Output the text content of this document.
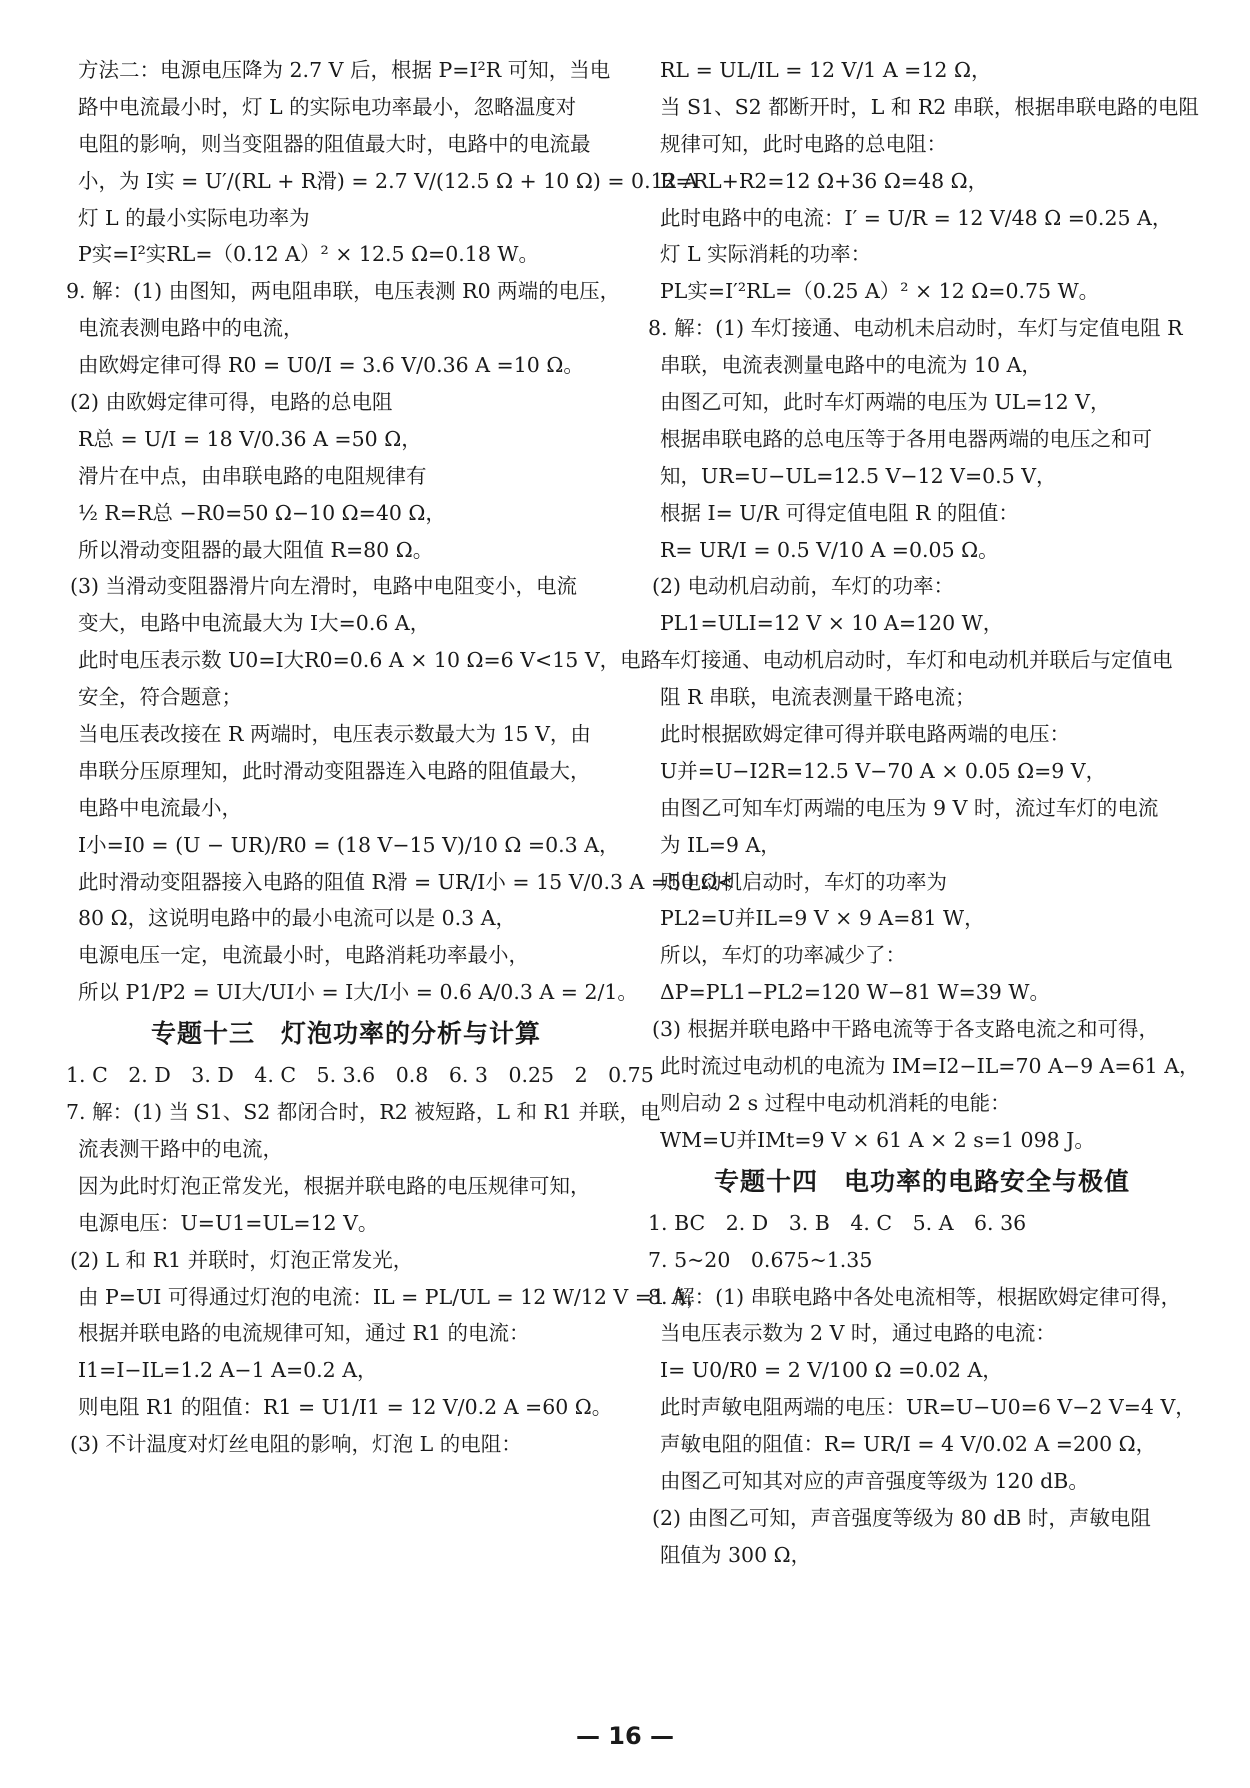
方法二：电源电压降为 2.7 V 后，根据 P=I²R 可知，当电
路中电流最小时，灯 L 的实际电功率最小，忽略温度对
电阻的影响，则当变阻器的阻值最大时，电路中的电流最
小，为 I实 = U′/(RL + R滑) = 2.7 V/(12.5 Ω + 10 Ω) = 0.12 A
灯 L 的最小实际电功率为
P实=I²实RL=（0.12 A）² × 12.5 Ω=0.18 W。
9. 解：(1) 由图知，两电阻串联，电压表测 R0 两端的电压，
电流表测电路中的电流，
由欧姆定律可得 R0 = U0/I = 3.6 V/0.36 A =10 Ω。
(2) 由欧姆定律可得，电路的总电阻
R总 = U/I = 18 V/0.36 A =50 Ω，
滑片在中点，由串联电路的电阻规律有
½ R=R总 −R0=50 Ω−10 Ω=40 Ω，
所以滑动变阻器的最大阻值 R=80 Ω。
(3) 当滑动变阻器滑片向左滑时，电路中电阻变小，电流
变大，电路中电流最大为 I大=0.6 A，
此时电压表示数 U0=I大R0=0.6 A × 10 Ω=6 V<15 V，电路
安全，符合题意；
当电压表改接在 R 两端时，电压表示数最大为 15 V，由
串联分压原理知，此时滑动变阻器连入电路的阻值最大，
电路中电流最小，
I小=I0 = (U − UR)/R0 = (18 V−15 V)/10 Ω =0.3 A，
此时滑动变阻器接入电路的阻值 R滑 = UR/I小 = 15 V/0.3 A =50 Ω<
80 Ω，这说明电路中的最小电流可以是 0.3 A，
电源电压一定，电流最小时，电路消耗功率最小，
所以 P1/P2 = UI大/UI小 = I大/I小 = 0.6 A/0.3 A = 2/1。
专题十三　灯泡功率的分析与计算
1. C　2. D　3. D　4. C　5. 3.6　0.8　6. 3　0.25　2　0.75
7. 解：(1) 当 S1、S2 都闭合时，R2 被短路，L 和 R1 并联，电
流表测干路中的电流，
因为此时灯泡正常发光，根据并联电路的电压规律可知，
电源电压：U=U1=UL=12 V。
(2) L 和 R1 并联时，灯泡正常发光，
由 P=UI 可得通过灯泡的电流：IL = PL/UL = 12 W/12 V =1 A，
根据并联电路的电流规律可知，通过 R1 的电流：
I1=I−IL=1.2 A−1 A=0.2 A，
则电阻 R1 的阻值：R1 = U1/I1 = 12 V/0.2 A =60 Ω。
(3) 不计温度对灯丝电阻的影响，灯泡 L 的电阻：
RL = UL/IL = 12 V/1 A =12 Ω，
当 S1、S2 都断开时，L 和 R2 串联，根据串联电路的电阻
规律可知，此时电路的总电阻：
R=RL+R2=12 Ω+36 Ω=48 Ω，
此时电路中的电流：I′ = U/R = 12 V/48 Ω =0.25 A，
灯 L 实际消耗的功率：
PL实=I′²RL=（0.25 A）² × 12 Ω=0.75 W。
8. 解：(1) 车灯接通、电动机未启动时，车灯与定值电阻 R
串联，电流表测量电路中的电流为 10 A，
由图乙可知，此时车灯两端的电压为 UL=12 V，
根据串联电路的总电压等于各用电器两端的电压之和可
知，UR=U−UL=12.5 V−12 V=0.5 V，
根据 I= U/R 可得定值电阻 R 的阻值：
R= UR/I = 0.5 V/10 A =0.05 Ω。
(2) 电动机启动前，车灯的功率：
PL1=ULI=12 V × 10 A=120 W，
车灯接通、电动机启动时，车灯和电动机并联后与定值电
阻 R 串联，电流表测量干路电流；
此时根据欧姆定律可得并联电路两端的电压：
U并=U−I2R=12.5 V−70 A × 0.05 Ω=9 V，
由图乙可知车灯两端的电压为 9 V 时，流过车灯的电流
为 IL=9 A，
则电动机启动时，车灯的功率为
PL2=U并IL=9 V × 9 A=81 W，
所以，车灯的功率减少了：
ΔP=PL1−PL2=120 W−81 W=39 W。
(3) 根据并联电路中干路电流等于各支路电流之和可得，
此时流过电动机的电流为 IM=I2−IL=70 A−9 A=61 A，
则启动 2 s 过程中电动机消耗的电能：
WM=U并IMt=9 V × 61 A × 2 s=1 098 J。
专题十四　电功率的电路安全与极值
1. BC　2. D　3. B　4. C　5. A　6. 36
7. 5~20　0.675~1.35
8. 解：(1) 串联电路中各处电流相等，根据欧姆定律可得，
当电压表示数为 2 V 时，通过电路的电流：
I= U0/R0 = 2 V/100 Ω =0.02 A，
此时声敏电阻两端的电压：UR=U−U0=6 V−2 V=4 V，
声敏电阻的阻值：R= UR/I = 4 V/0.02 A =200 Ω，
由图乙可知其对应的声音强度等级为 120 dB。
(2) 由图乙可知，声音强度等级为 80 dB 时，声敏电阻
阻值为 300 Ω，
— 16 —
